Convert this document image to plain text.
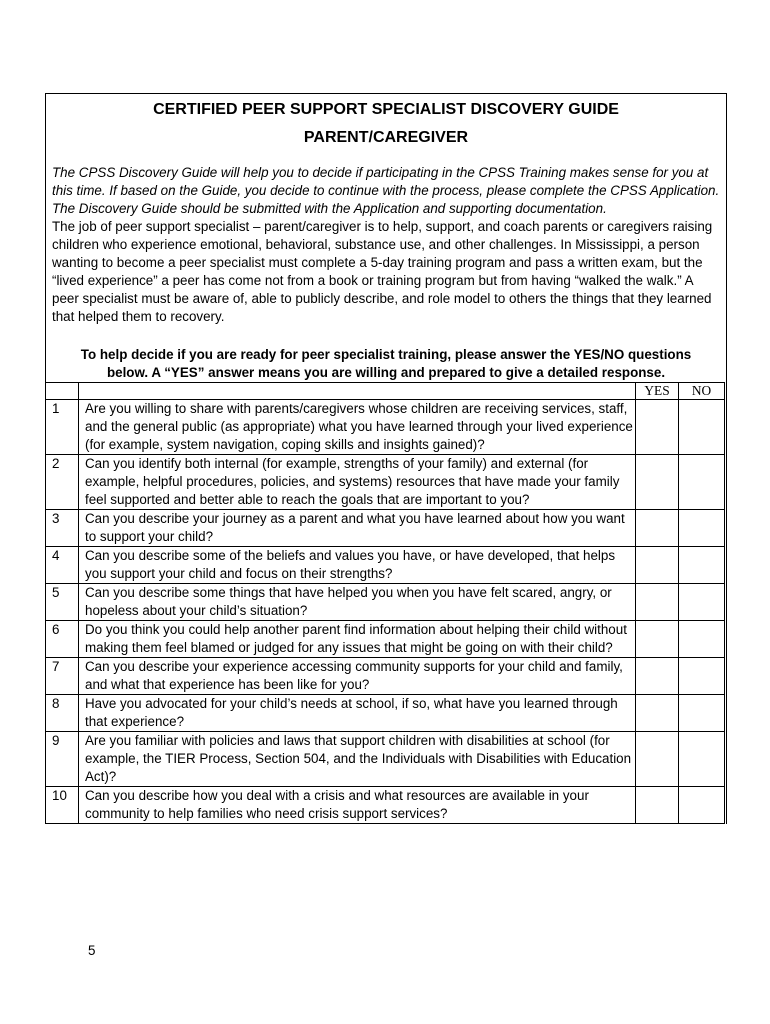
CERTIFIED PEER SUPPORT SPECIALIST DISCOVERY GUIDE
PARENT/CAREGIVER
The CPSS Discovery Guide will help you to decide if participating in the CPSS Training makes sense for you at this time. If based on the Guide, you decide to continue with the process, please complete the CPSS Application. The Discovery Guide should be submitted with the Application and supporting documentation.
The job of peer support specialist – parent/caregiver is to help, support, and coach parents or caregivers raising children who experience emotional, behavioral, substance use, and other challenges. In Mississippi, a person wanting to become a peer specialist must complete a 5-day training program and pass a written exam, but the “lived experience” a peer has come not from a book or training program but from having “walked the walk.” A peer specialist must be aware of, able to publicly describe, and role model to others the things that they learned that helped them to recovery.
To help decide if you are ready for peer specialist training, please answer the YES/NO questions below. A “YES” answer means you are willing and prepared to give a detailed response.
		YES	NO
1	Are you willing to share with parents/caregivers whose children are receiving services, staff, and the general public (as appropriate) what you have learned through your lived experience (for example, system navigation, coping skills and insights gained)?		
2	Can you identify both internal (for example, strengths of your family) and external (for example, helpful procedures, policies, and systems) resources that have made your family feel supported and better able to reach the goals that are important to you?		
3	Can you describe your journey as a parent and what you have learned about how you want to support your child?		
4	Can you describe some of the beliefs and values you have, or have developed, that helps you support your child and focus on their strengths?		
5	Can you describe some things that have helped you when you have felt scared, angry, or hopeless about your child’s situation?		
6	Do you think you could help another parent find information about helping their child without making them feel blamed or judged for any issues that might be going on with their child?		
7	Can you describe your experience accessing community supports for your child and family, and what that experience has been like for you?		
8	Have you advocated for your child’s needs at school, if so, what have you learned through that experience?		
9	Are you familiar with policies and laws that support children with disabilities at school (for example, the TIER Process, Section 504, and the Individuals with Disabilities with Education Act)?		
10	Can you describe how you deal with a crisis and what resources are available in your community to help families who need crisis support services?		
5
